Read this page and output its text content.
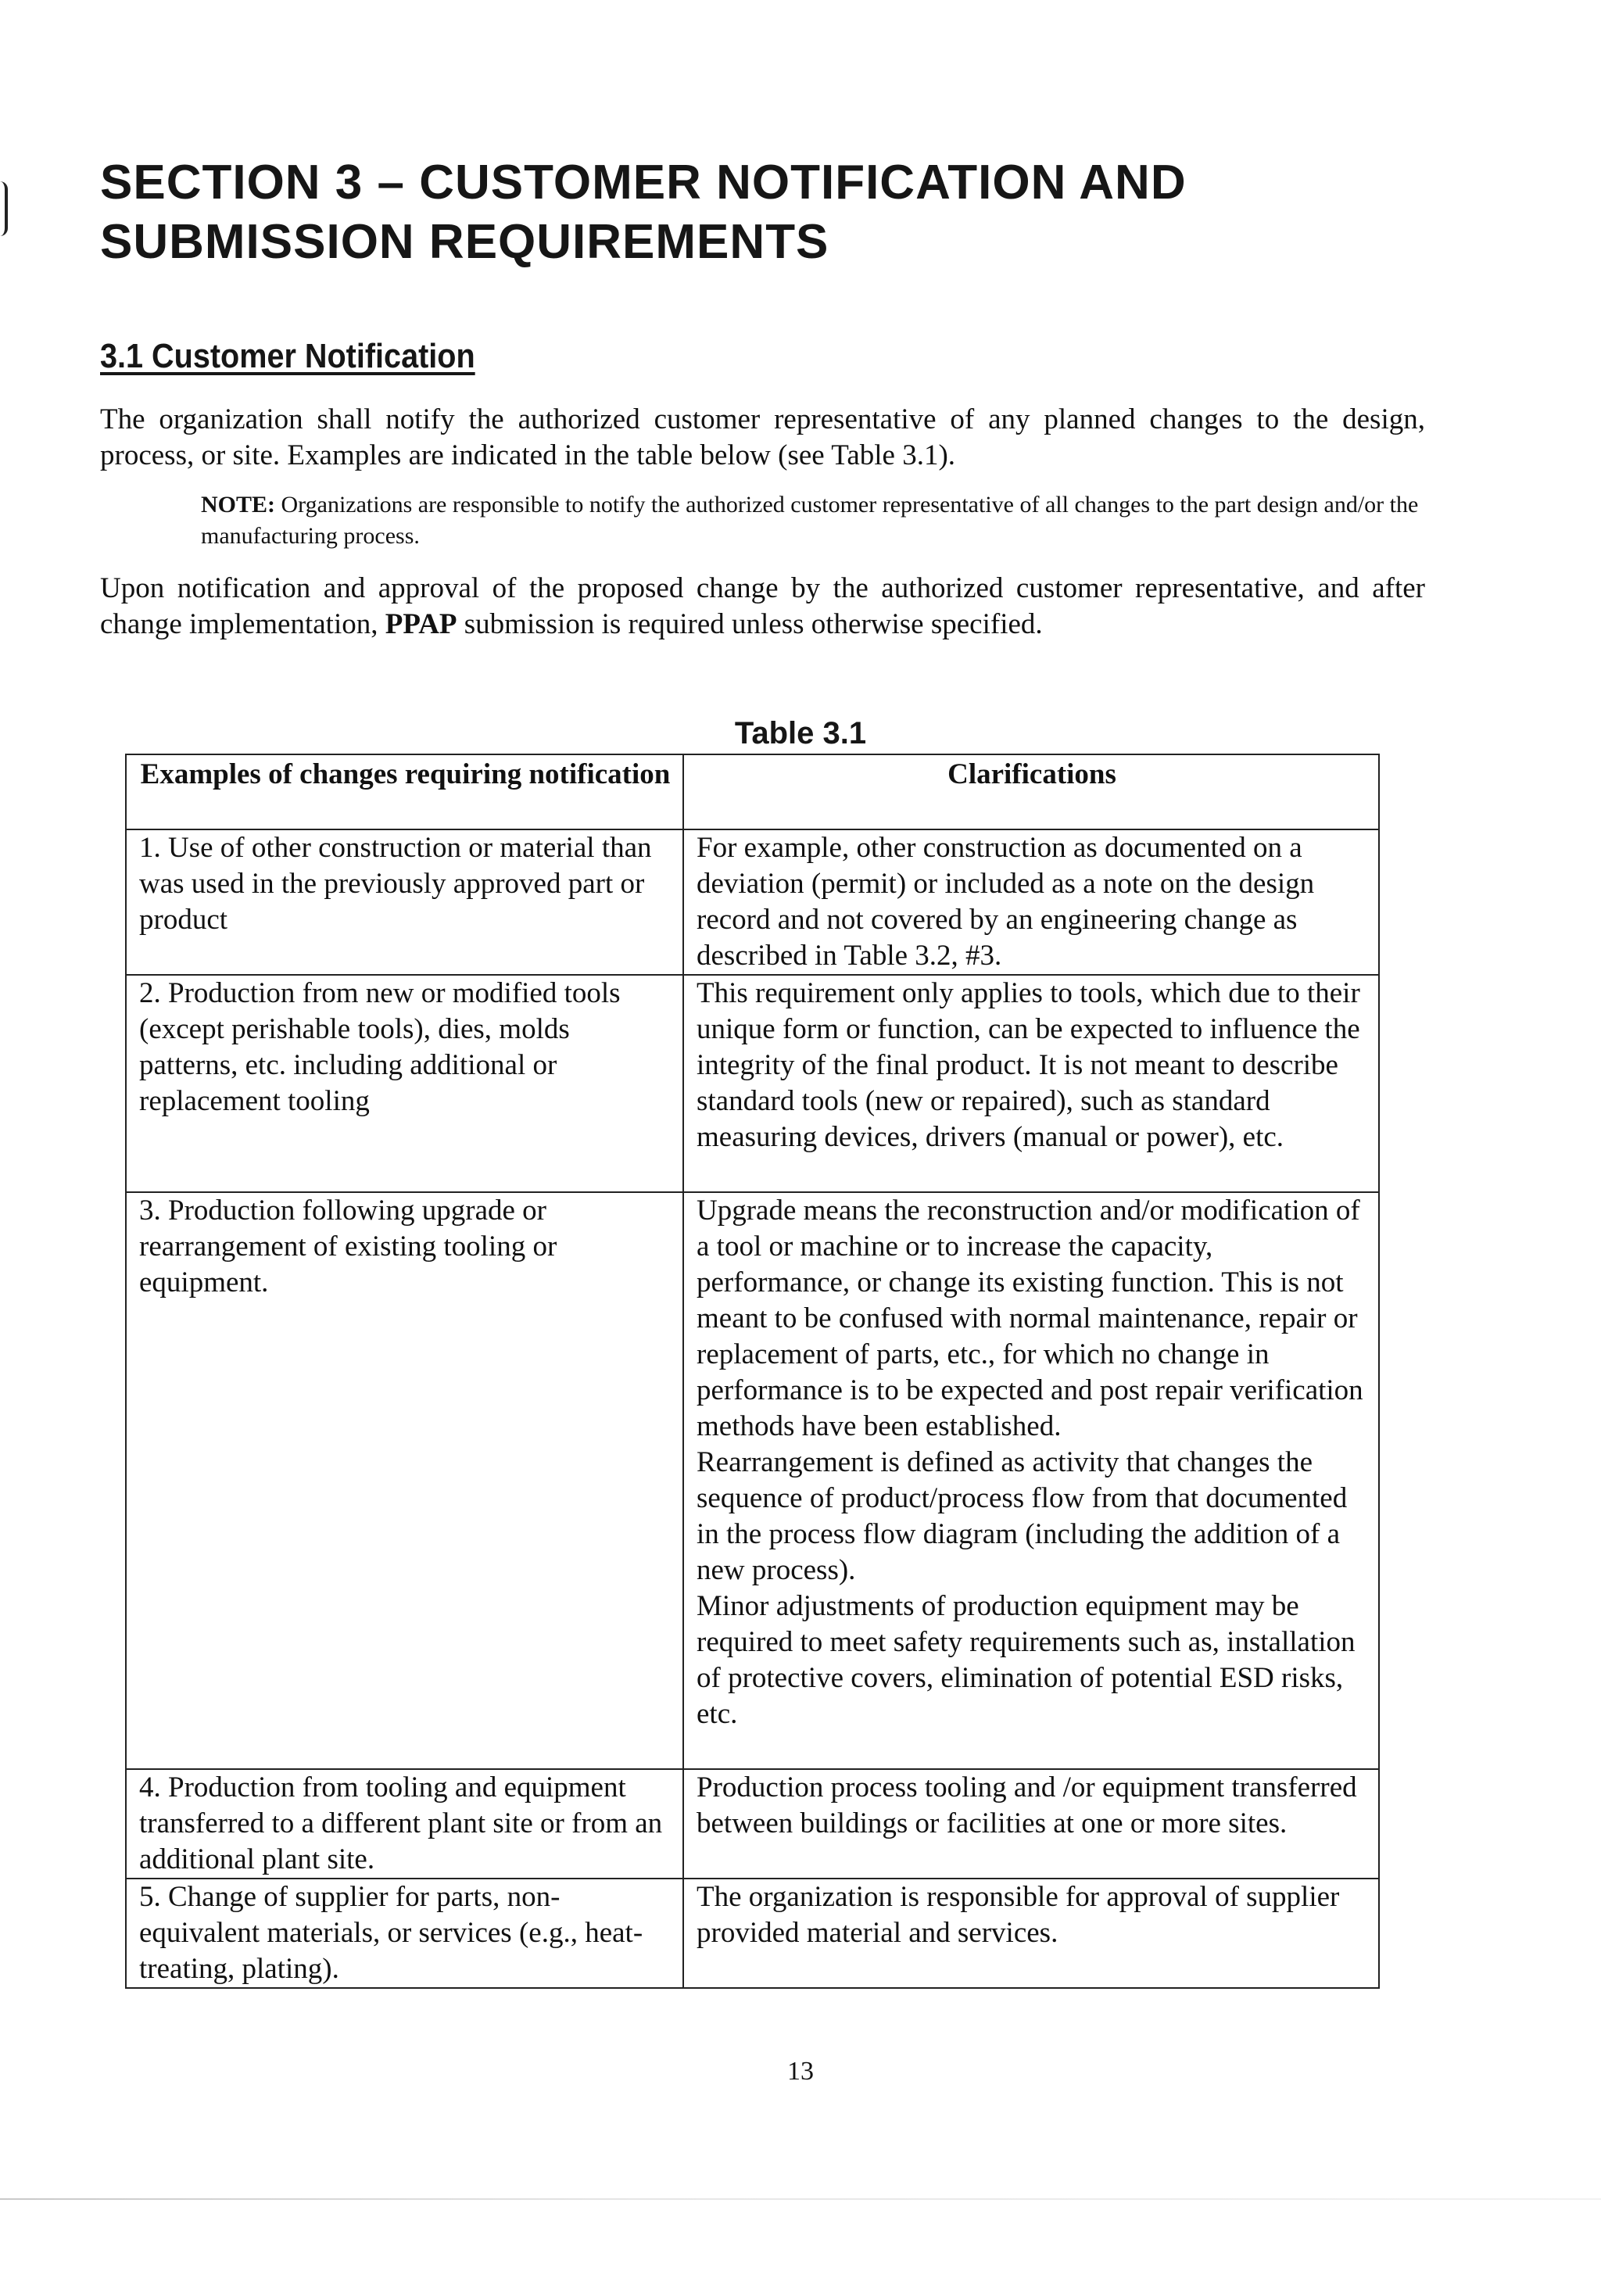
SECTION 3 – CUSTOMER NOTIFICATION AND
SUBMISSION REQUIREMENTS
3.1 Customer Notification

The organization shall notify the authorized customer representative of any planned changes to the design, process, or site. Examples are indicated in the table below (see Table 3.1).

NOTE: Organizations are responsible to notify the authorized customer representative of all changes to the part design and/or the manufacturing process.

Upon notification and approval of the proposed change by the authorized customer representative, and after change implementation, PPAP submission is required unless otherwise specified.

Table 3.1

Examples of changes requiring notification	Clarifications
1. Use of other construction or material than was used in the previously approved part or product	For example, other construction as documented on a deviation (permit) or included as a note on the design record and not covered by an engineering change as described in Table 3.2, #3.

2. Production from new or modified tools (except perishable tools), dies, molds patterns, etc. including additional or replacement tooling	This requirement only applies to tools, which due to their unique form or function, can be expected to influence the integrity of the final product. It is not meant to describe standard tools (new or repaired), such as standard measuring devices, drivers (manual or power), etc.

3. Production following upgrade or rearrangement of existing tooling or equipment.	Upgrade means the reconstruction and/or modification of a tool or machine or to increase the capacity, performance, or change its existing function. This is not meant to be confused with normal maintenance, repair or replacement of parts, etc., for which no change in performance is to be expected and post repair verification methods have been established.
Rearrangement is defined as activity that changes the sequence of product/process flow from that documented in the process flow diagram (including the addition of a new process).
Minor adjustments of production equipment may be required to meet safety requirements such as, installation of protective covers, elimination of potential ESD risks, etc.

4. Production from tooling and equipment transferred to a different plant site or from an additional plant site.	Production process tooling and /or equipment transferred between buildings or facilities at one or more sites.

5. Change of supplier for parts, non-equivalent materials, or services (e.g., heat-treating, plating).	The organization is responsible for approval of supplier provided material and services.

13
